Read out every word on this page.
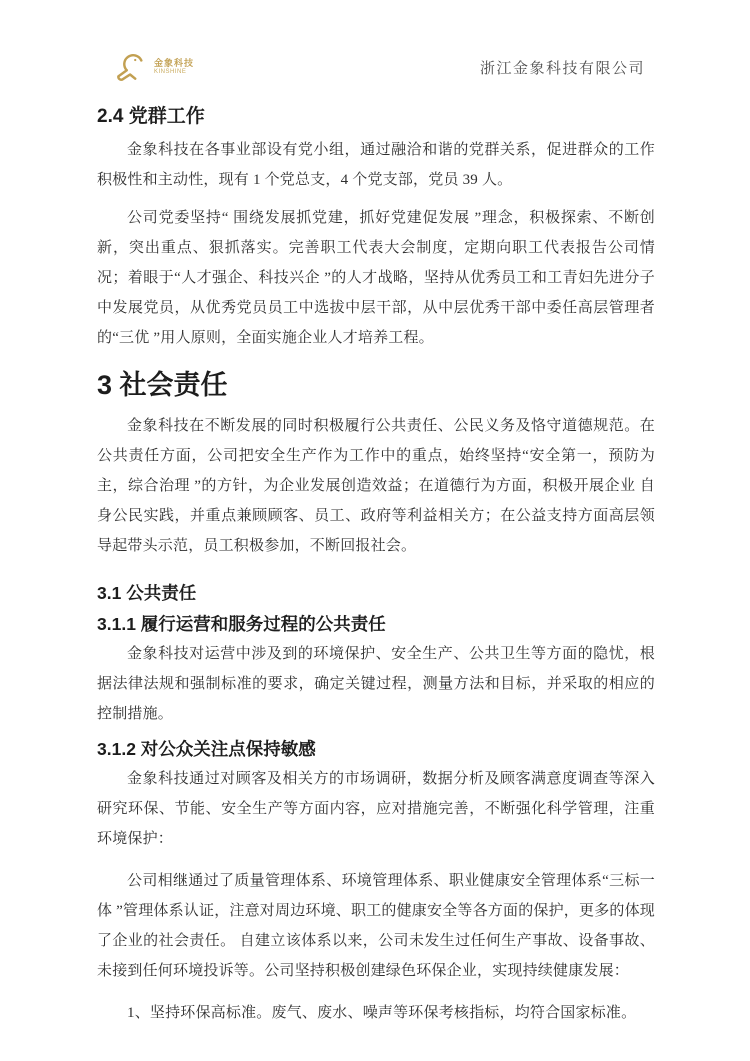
金象科技
KINSHINE	浙江金象科技有限公司
2.4 党群工作

金象科技在各事业部设有党小组，通过融洽和谐的党群关系，促进群众的工作积极性和主动性，现有 1 个党总支，4 个党支部，党员 39 人。

公司党委坚持“ 围绕发展抓党建，抓好党建促发展 ”理念，积极探索、不断创新，突出重点、狠抓落实。完善职工代表大会制度，定期向职工代表报告公司情况；着眼于“人才强企、科技兴企 ”的人才战略，坚持从优秀员工和工青妇先进分子中发展党员，从优秀党员员工中选拔中层干部，从中层优秀干部中委任高层管理者的“三优 ”用人原则，全面实施企业人才培养工程。

3 社会责任

金象科技在不断发展的同时积极履行公共责任、公民义务及恪守道德规范。在公共责任方面，公司把安全生产作为工作中的重点，始终坚持“安全第一，预防为主，综合治理 ”的方针，为企业发展创造效益；在道德行为方面，积极开展企业 自身公民实践，并重点兼顾顾客、员工、政府等利益相关方；在公益支持方面高层领导起带头示范，员工积极参加，不断回报社会。

3.1 公共责任
3.1.1 履行运营和服务过程的公共责任

金象科技对运营中涉及到的环境保护、安全生产、公共卫生等方面的隐忧，根据法律法规和强制标准的要求，确定关键过程，测量方法和目标，并采取的相应的控制措施。

3.1.2 对公众关注点保持敏感

金象科技通过对顾客及相关方的市场调研，数据分析及顾客满意度调查等深入研究环保、节能、安全生产等方面内容，应对措施完善，不断强化科学管理，注重环境保护：

公司相继通过了质量管理体系、环境管理体系、职业健康安全管理体系“三标一体 ”管理体系认证，注意对周边环境、职工的健康安全等各方面的保护，更多的体现了企业的社会责任。 自建立该体系以来，公司未发生过任何生产事故、设备事故、未接到任何环境投诉等。公司坚持积极创建绿色环保企业，实现持续健康发展：

1、坚持环保高标准。废气、废水、噪声等环保考核指标，均符合国家标准。
